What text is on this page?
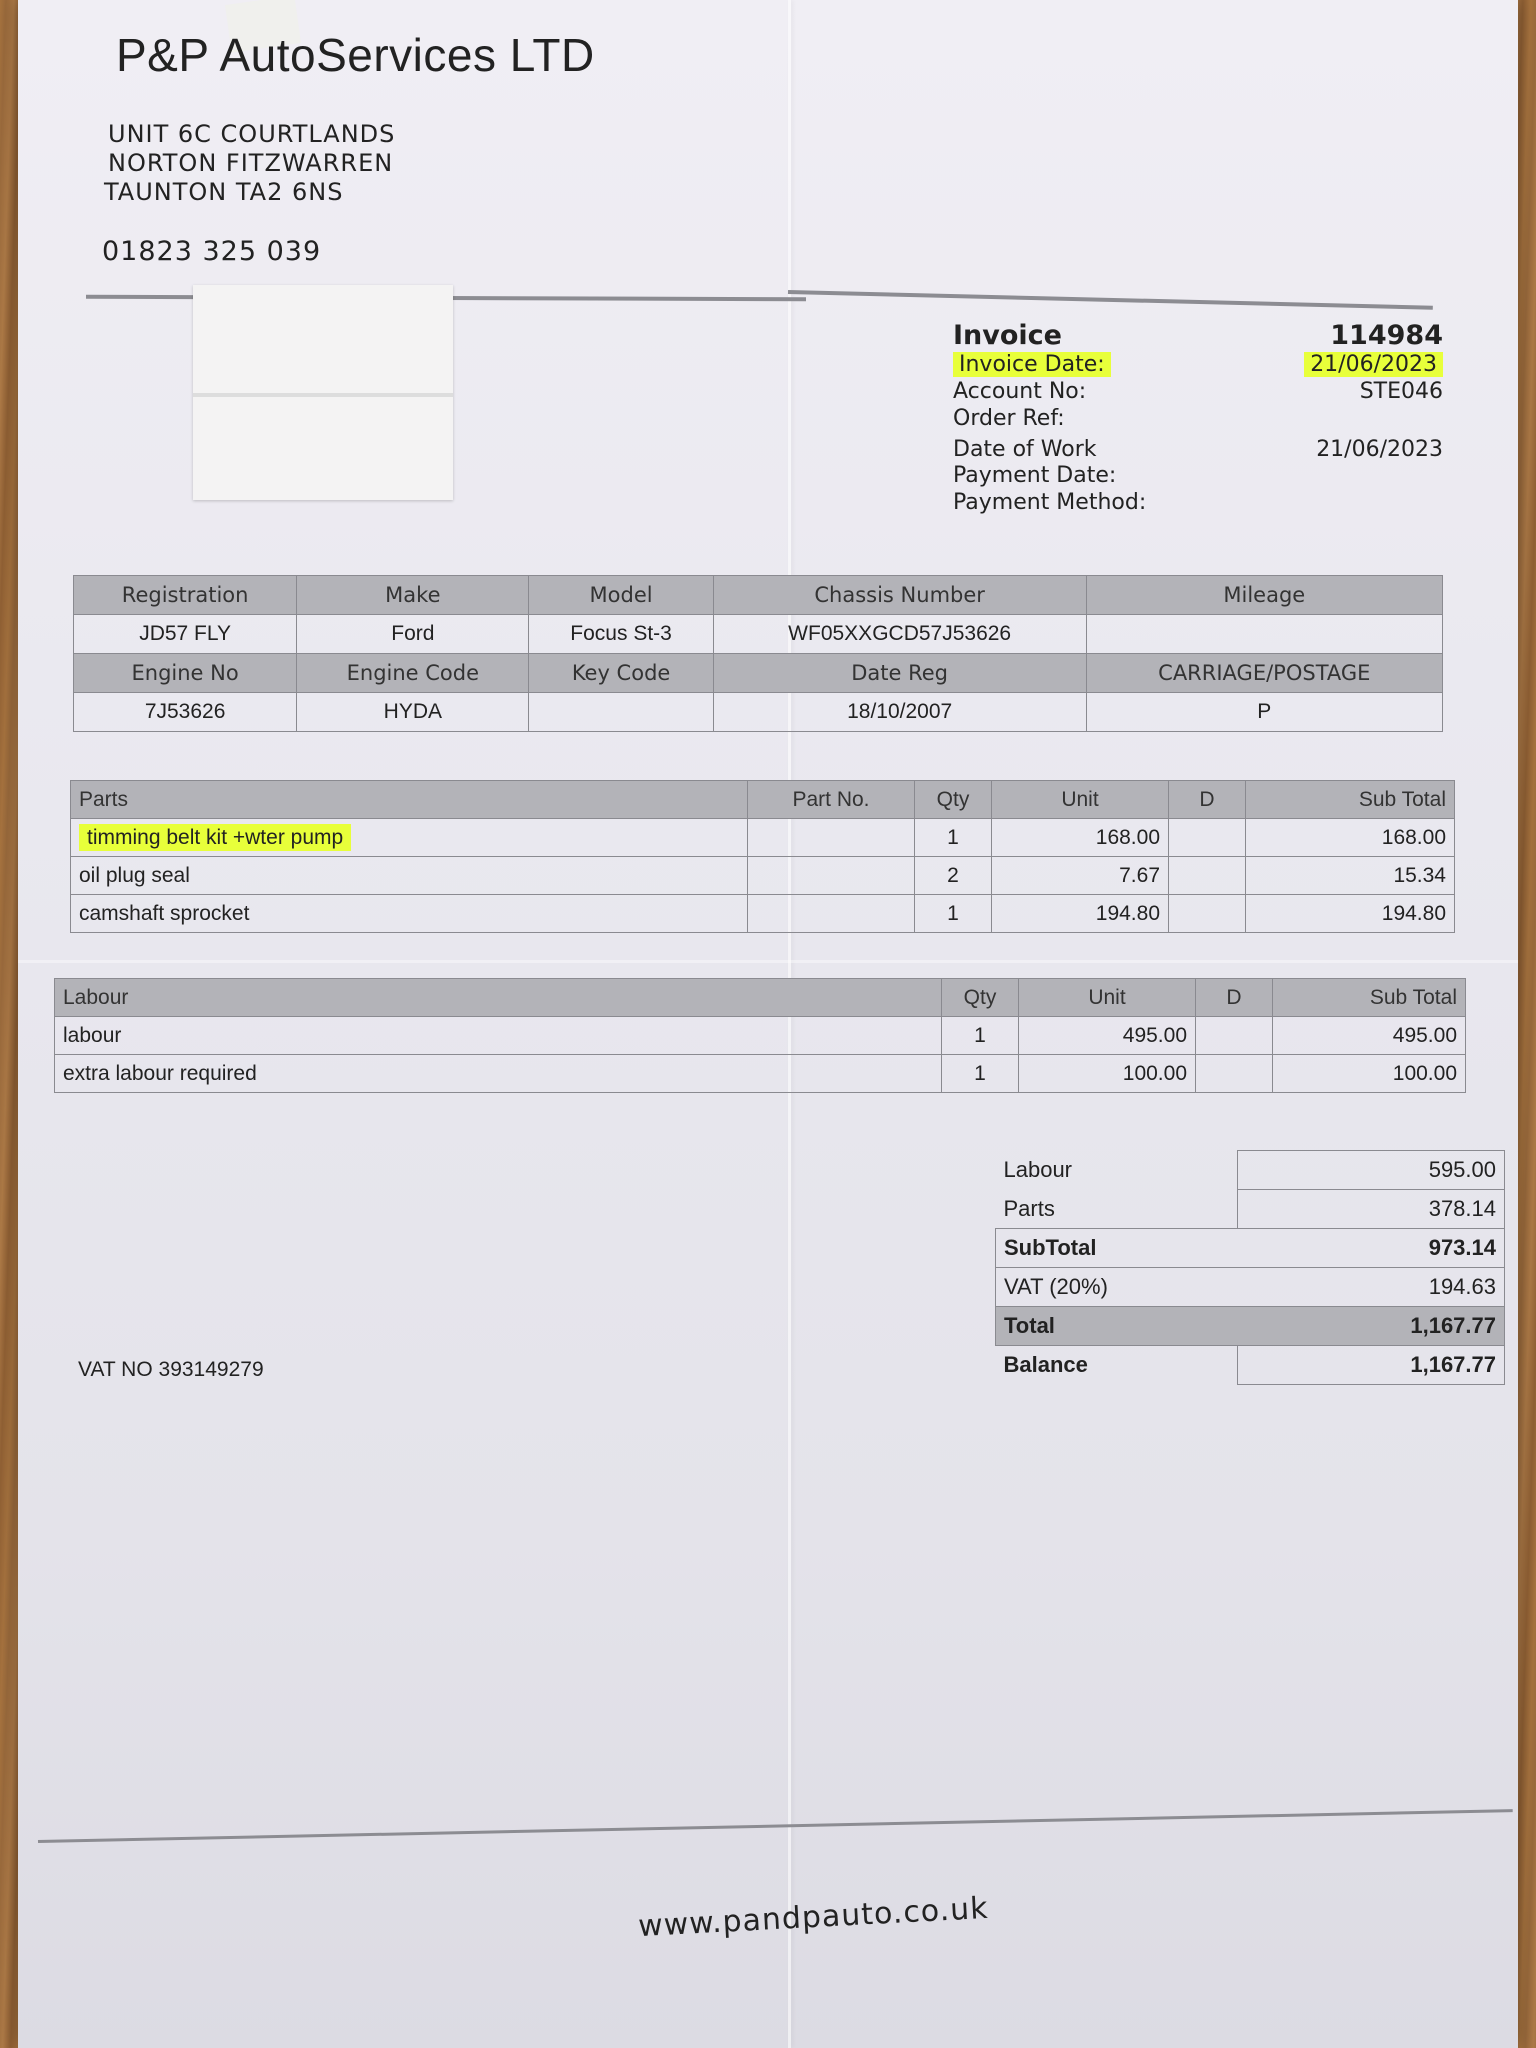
P&P AutoServices LTD
UNIT 6C COURTLANDS
NORTON FITZWARREN
TAUNTON TA2 6NS
01823 325 039
Invoice	114984
Invoice Date:	21/06/2023
Account No:	STE046
Order Ref:
Date of Work	21/06/2023
Payment Date:
Payment Method:
Registration	Make	Model	Chassis Number	Mileage
JD57 FLY	Ford	Focus St-3	WF05XXGCD57J53626	
Engine No	Engine Code	Key Code	Date Reg	CARRIAGE/POSTAGE
7J53626	HYDA		18/10/2007	P
Parts	Part No.	Qty	Unit	D	Sub Total
timming belt kit +wter pump		1	168.00		168.00
oil plug seal		2	7.67		15.34
camshaft sprocket		1	194.80		194.80
Labour	Qty	Unit	D	Sub Total
labour	1	495.00		495.00
extra labour required	1	100.00		100.00
Labour	595.00
Parts	378.14
SubTotal	973.14
VAT (20%)	194.63
Total	1,167.77
Balance	1,167.77
VAT NO 393149279
www.pandpauto.co.uk
